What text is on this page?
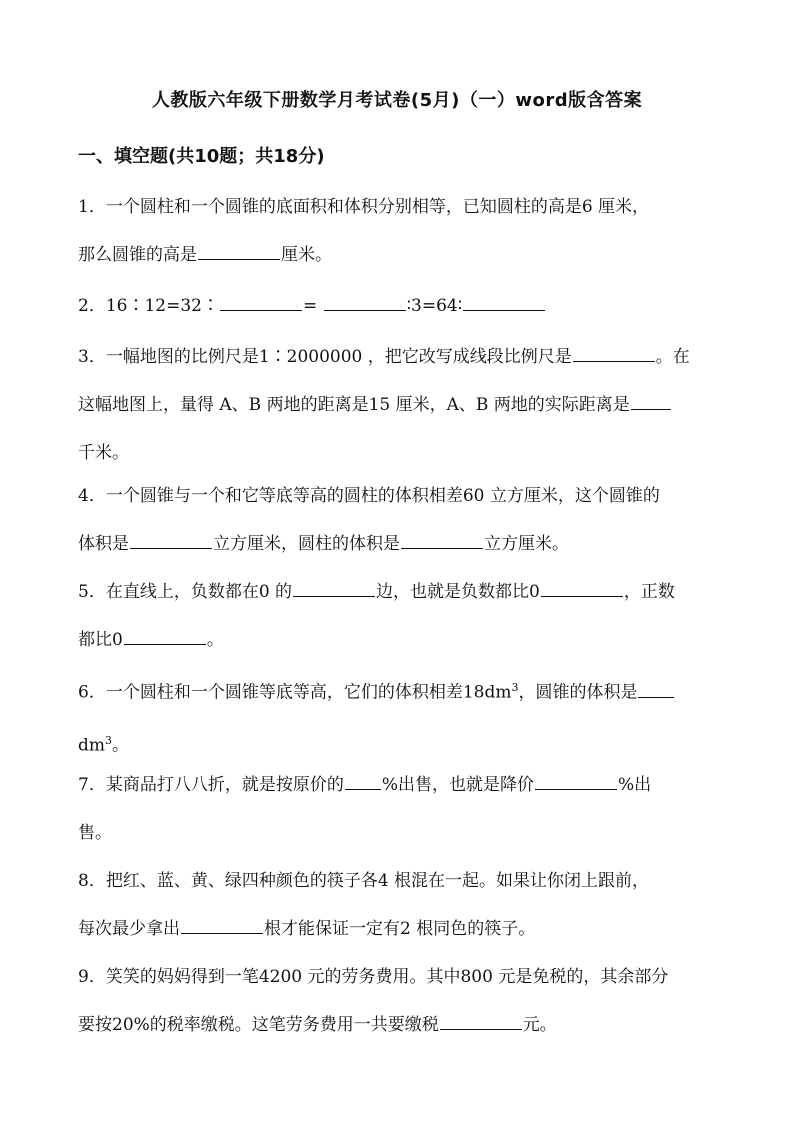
人教版六年级下册数学月考试卷(5月)（一）word版含答案
一、填空题(共10题；共18分)
1．一个圆柱和一个圆锥的底面积和体积分别相等，已知圆柱的高是6 厘米，
那么圆锥的高是	厘米。
2．16∶12=32∶	=	∶3=64∶
3．一幅地图的比例尺是1∶2000000 ，把它改写成线段比例尺是	。在
这幅地图上，量得 A、B 两地的距离是15 厘米，A、B 两地的实际距离是
千米。
4．一个圆锥与一个和它等底等高的圆柱的体积相差60 立方厘米，这个圆锥的
体积是	立方厘米，圆柱的体积是	立方厘米。
5．在直线上，负数都在0 的	边，也就是负数都比0	，正数
都比0	。
6．一个圆柱和一个圆锥等底等高，它们的体积相差$18dm^3$，圆锥的体积是
$dm^3$。
7．某商品打八八折，就是按原价的 %出售，也就是降价	%出
售。
8．把红、蓝、黄、绿四种颜色的筷子各4 根混在一起。如果让你闭上跟前，
每次最少拿出	根才能保证一定有2 根同色的筷子。
9．笑笑的妈妈得到一笔4200 元的劳务费用。其中800 元是免税的，其余部分
要按20%的税率缴税。这笔劳务费用一共要缴税	元。
